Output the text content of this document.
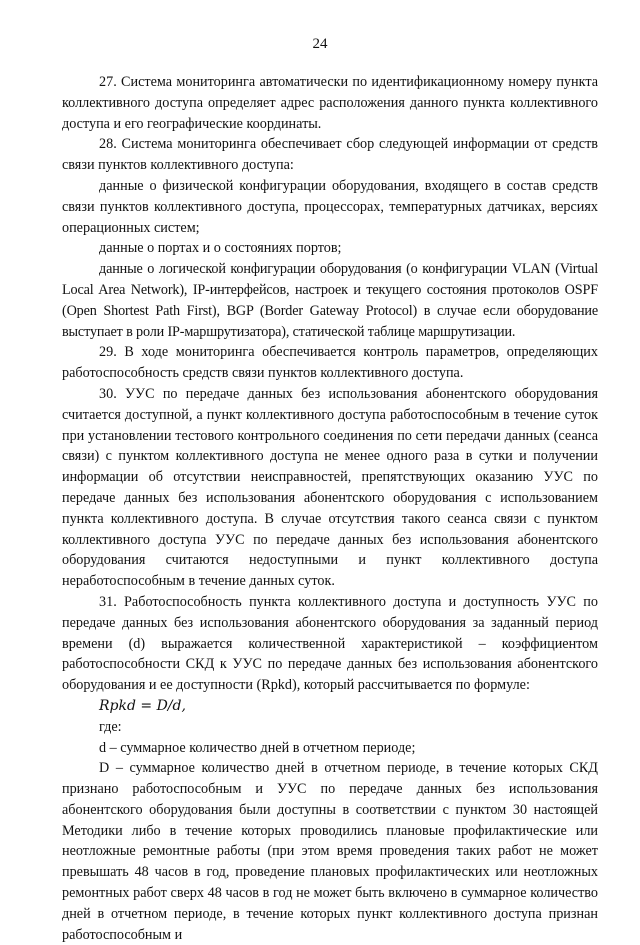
24

27. Система мониторинга автоматически по идентификационному номеру пункта коллективного доступа определяет адрес расположения данного пункта коллективного доступа и его географические координаты.

28. Система мониторинга обеспечивает сбор следующей информации от средств связи пунктов коллективного доступа:

данные о физической конфигурации оборудования, входящего в состав средств связи пунктов коллективного доступа, процессорах, температурных датчиках, версиях операционных систем;

данные о портах и о состояниях портов;

данные о логической конфигурации оборудования (о конфигурации VLAN (Virtual Local Area Network), IP-интерфейсов, настроек и текущего состояния протоколов OSPF (Open Shortest Path First), BGP (Border Gateway Protocol) в случае если оборудование выступает в роли IP-маршрутизатора), статической таблице маршрутизации.

29. В ходе мониторинга обеспечивается контроль параметров, определяющих работоспособность средств связи пунктов коллективного доступа.

30. УУС по передаче данных без использования абонентского оборудования считается доступной, а пункт коллективного доступа работоспособным в течение суток при установлении тестового контрольного соединения по сети передачи данных (сеанса связи) с пунктом коллективного доступа не менее одного раза в сутки и получении информации об отсутствии неисправностей, препятствующих оказанию УУС по передаче данных без использования абонентского оборудования с использованием пункта коллективного доступа. В случае отсутствия такого сеанса связи с пунктом коллективного доступа УУС по передаче данных без использования абонентского оборудования считаются недоступными и пункт коллективного доступа неработоспособным в течение данных суток.

31. Работоспособность пункта коллективного доступа и доступность УУС по передаче данных без использования абонентского оборудования за заданный период времени (d) выражается количественной характеристикой – коэффициентом работоспособности СКД к УУС по передаче данных без использования абонентского оборудования и ее доступности (Rpkd), который рассчитывается по формуле:

Rpkd = D/d,

где:

d – суммарное количество дней в отчетном периоде;

D – суммарное количество дней в отчетном периоде, в течение которых СКД признано работоспособным и УУС по передаче данных без использования абонентского оборудования были доступны в соответствии с пунктом 30 настоящей Методики либо в течение которых проводились плановые профилактические или неотложные ремонтные работы (при этом время проведения таких работ не может превышать 48 часов в год, проведение плановых профилактических или неотложных ремонтных работ сверх 48 часов в год не может быть включено в суммарное количество дней в отчетном периоде, в течение которых пункт коллективного доступа признан работоспособным и
